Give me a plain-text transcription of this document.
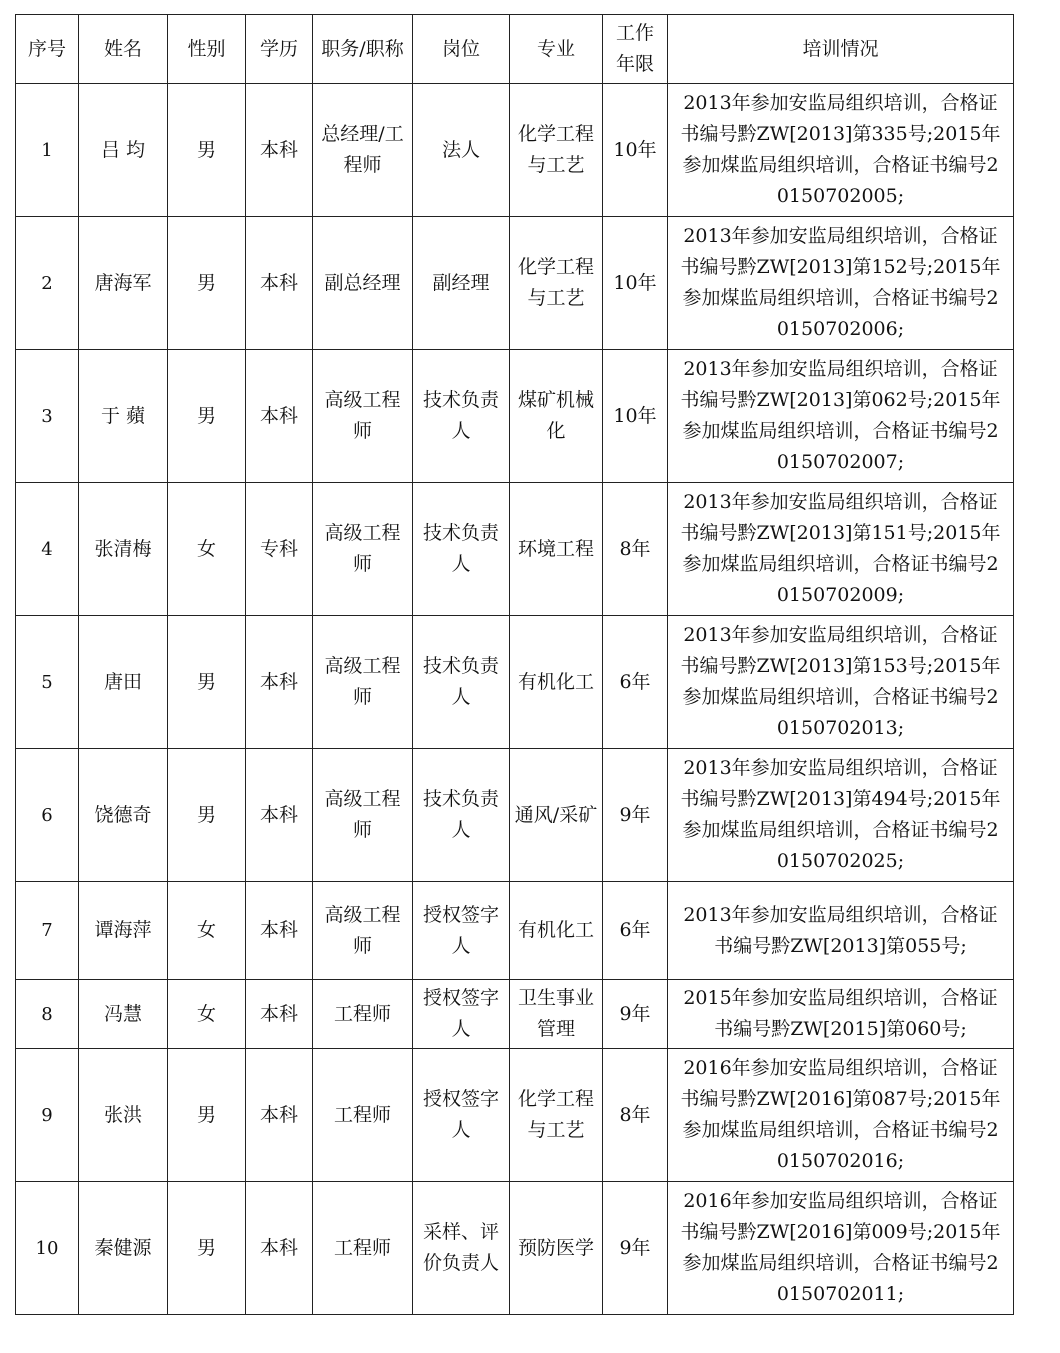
序号	姓名	性别	学历	职务/职称	岗位	专业	工作年限	培训情况
1	吕 均	男	本科	总经理/工程师	法人	化学工程与工艺	10年	2013年参加安监局组织培训，合格证书编号黔ZW[2013]第335号;2015年参加煤监局组织培训，合格证书编号20150702005;
2	唐海军	男	本科	副总经理	副经理	化学工程与工艺	10年	2013年参加安监局组织培训，合格证书编号黔ZW[2013]第152号;2015年参加煤监局组织培训，合格证书编号20150702006;
3	于 蘋	男	本科	高级工程师	技术负责人	煤矿机械化	10年	2013年参加安监局组织培训，合格证书编号黔ZW[2013]第062号;2015年参加煤监局组织培训，合格证书编号20150702007;
4	张清梅	女	专科	高级工程师	技术负责人	环境工程	8年	2013年参加安监局组织培训，合格证书编号黔ZW[2013]第151号;2015年参加煤监局组织培训，合格证书编号20150702009;
5	唐田	男	本科	高级工程师	技术负责人	有机化工	6年	2013年参加安监局组织培训，合格证书编号黔ZW[2013]第153号;2015年参加煤监局组织培训，合格证书编号20150702013;
6	饶德奇	男	本科	高级工程师	技术负责人	通风/采矿	9年	2013年参加安监局组织培训，合格证书编号黔ZW[2013]第494号;2015年参加煤监局组织培训，合格证书编号20150702025;
7	谭海萍	女	本科	高级工程师	授权签字人	有机化工	6年	2013年参加安监局组织培训，合格证书编号黔ZW[2013]第055号;
8	冯慧	女	本科	工程师	授权签字人	卫生事业管理	9年	2015年参加安监局组织培训，合格证书编号黔ZW[2015]第060号;
9	张洪	男	本科	工程师	授权签字人	化学工程与工艺	8年	2016年参加安监局组织培训，合格证书编号黔ZW[2016]第087号;2015年参加煤监局组织培训，合格证书编号20150702016;
10	秦健源	男	本科	工程师	采样、评价负责人	预防医学	9年	2016年参加安监局组织培训，合格证书编号黔ZW[2016]第009号;2015年参加煤监局组织培训，合格证书编号20150702011;
